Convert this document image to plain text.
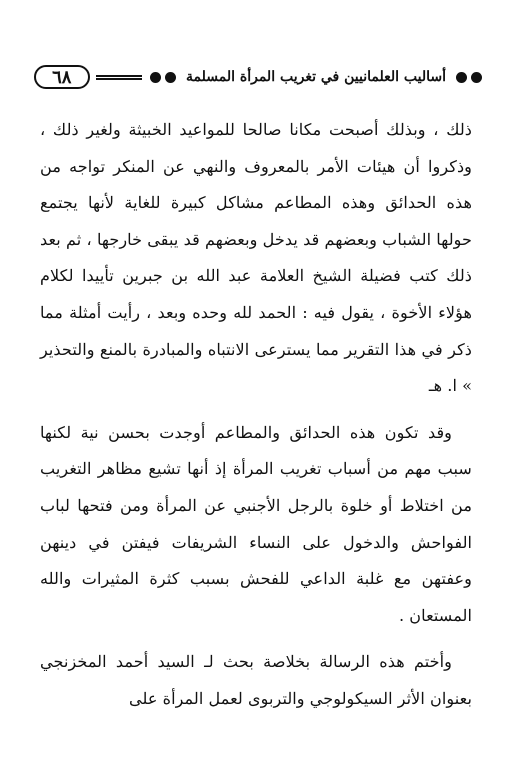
٦٨	أساليب العلمانيين في تغريب المرأة المسلمة

ذلك ، وبذلك أصبحت مكانا صالحا للمواعيد الخبيثة ولغير ذلك ، وذكروا أن هيئات الأمر بالمعروف والنهي عن المنكر تواجه من هذه الحدائق وهذه المطاعم مشاكل كبيرة للغاية لأنها يجتمع حولها الشباب وبعضهم قد يدخل وبعضهم قد يبقى خارجها ، ثم بعد ذلك كتب فضيلة الشيخ العلامة عبد الله بن جبرين تأييدا لكلام هؤلاء الأخوة ، يقول فيه : الحمد لله وحده وبعد ، رأيت أمثلة مما ذكر في هذا التقرير مما يسترعى الانتباه والمبادرة بالمنع والتحذير » ا. هـ

وقد تكون هذه الحدائق والمطاعم أوجدت بحسن نية لكنها سبب مهم من أسباب تغريب المرأة إذ أنها تشيع مظاهر التغريب من اختلاط أو خلوة بالرجل الأجنبي عن المرأة ومن فتحها لباب الفواحش والدخول على النساء الشريفات فيفتن في دينهن وعفتهن مع غلبة الداعي للفحش بسبب كثرة المثيرات والله المستعان .

وأختم هذه الرسالة بخلاصة بحث لـ السيد أحمد المخزنجي بعنوان الأثر السيكولوجي والتربوى لعمل المرأة على
